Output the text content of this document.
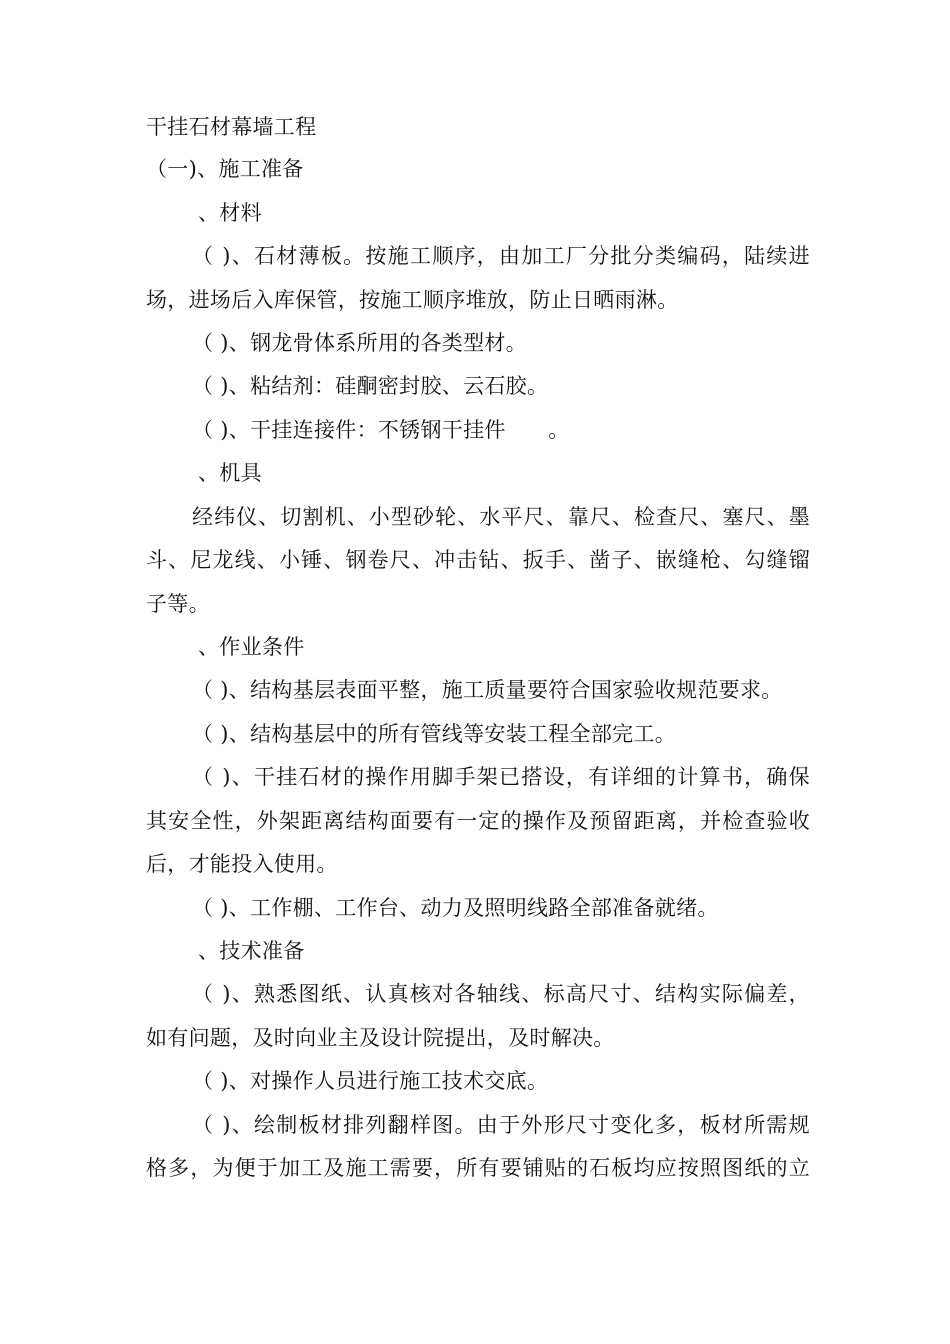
干挂石材幕墙工程
（一)、施工准备
、材料
（ )、石材薄板。按施工顺序，由加工厂分批分类编码，陆续进
场，进场后入库保管，按施工顺序堆放，防止日晒雨淋。
（ )、钢龙骨体系所用的各类型材。
（ )、粘结剂：硅酮密封胶、云石胶。
（ )、干挂连接件：不锈钢干挂件　　。
、机具
经纬仪、切割机、小型砂轮、水平尺、靠尺、检查尺、塞尺、墨
斗、尼龙线、小锤、钢卷尺、冲击钻、扳手、凿子、嵌缝枪、勾缝镏
子等。
、作业条件
（ )、结构基层表面平整，施工质量要符合国家验收规范要求。
（ )、结构基层中的所有管线等安装工程全部完工。
（ )、干挂石材的操作用脚手架已搭设，有详细的计算书，确保
其安全性，外架距离结构面要有一定的操作及预留距离，并检查验收
后，才能投入使用。
（ )、工作棚、工作台、动力及照明线路全部准备就绪。
、技术准备
（ )、熟悉图纸、认真核对各轴线、标高尺寸、结构实际偏差，
如有问题，及时向业主及设计院提出，及时解决。
（ )、对操作人员进行施工技术交底。
（ )、绘制板材排列翻样图。由于外形尺寸变化多，板材所需规
格多，为便于加工及施工需要，所有要铺贴的石板均应按照图纸的立
